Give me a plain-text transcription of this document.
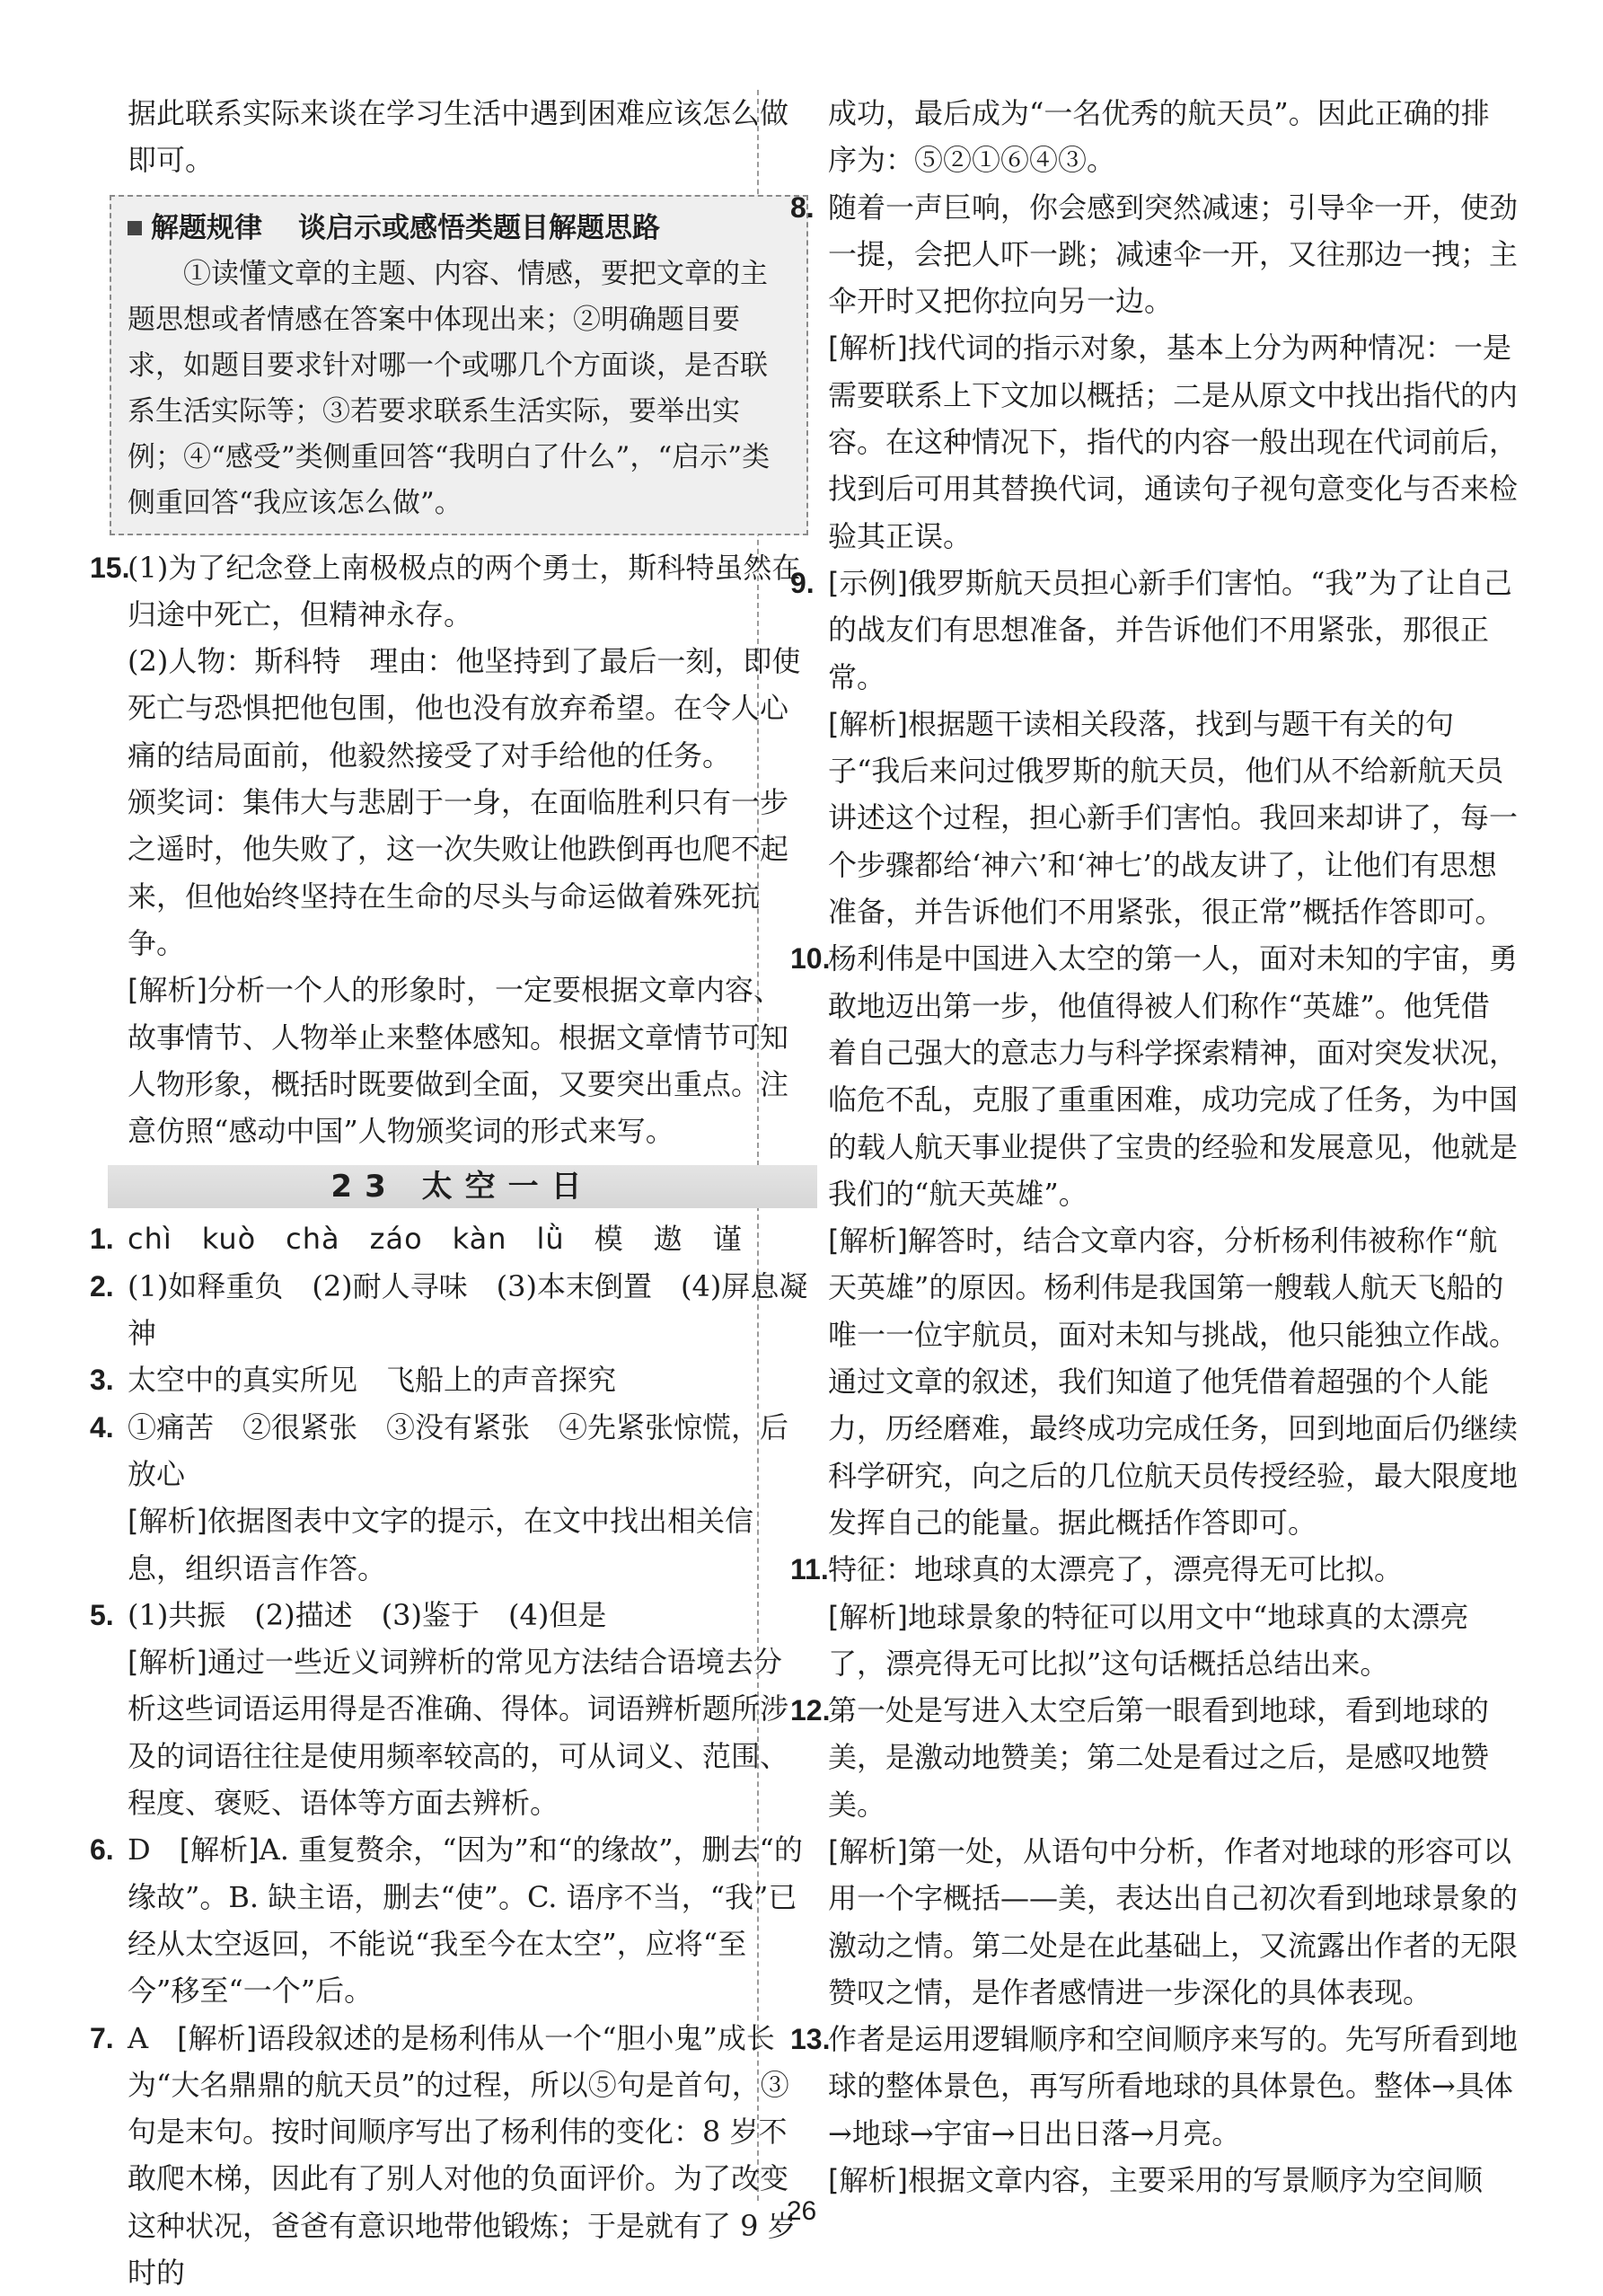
据此联系实际来谈在学习生活中遇到困难应该怎么做即可。

解题规律 谈启示或感悟类题目解题思路

①读懂文章的主题、内容、情感，要把文章的主题思想或者情感在答案中体现出来；②明确题目要求，如题目要求针对哪一个或哪几个方面谈，是否联系生活实际等；③若要求联系生活实际，要举出实例；④“感受”类侧重回答“我明白了什么”，“启示”类侧重回答“我应该怎么做”。

15.

(1)为了纪念登上南极极点的两个勇士，斯科特虽然在归途中死亡，但精神永存。

(2)人物：斯科特　理由：他坚持到了最后一刻，即使死亡与恐惧把他包围，他也没有放弃希望。在令人心痛的结局面前，他毅然接受了对手给他的任务。

颁奖词：集伟大与悲剧于一身，在面临胜利只有一步之遥时，他失败了，这一次失败让他跌倒再也爬不起来，但他始终坚持在生命的尽头与命运做着殊死抗争。

[解析]分析一个人的形象时，一定要根据文章内容、故事情节、人物举止来整体感知。根据文章情节可知人物形象，概括时既要做到全面，又要突出重点。注意仿照“感动中国”人物颁奖词的形式来写。

23 太空一日
1. chì　kuò　chà　záo　kàn　lǜ　模　遨　谨

2. (1)如释重负　(2)耐人寻味　(3)本末倒置　(4)屏息凝神

3. 太空中的真实所见　飞船上的声音探究

4. ①痛苦　②很紧张　③没有紧张　④先紧张惊慌，后放心

[解析]依据图表中文字的提示，在文中找出相关信息，组织语言作答。

5. (1)共振　(2)描述　(3)鉴于　(4)但是

[解析]通过一些近义词辨析的常见方法结合语境去分析这些词语运用得是否准确、得体。词语辨析题所涉及的词语往往是使用频率较高的，可从词义、范围、程度、褒贬、语体等方面去辨析。

6. D　 [解析]A. 重复赘余，“因为”和“的缘故”，删去“的缘故”。B. 缺主语，删去“使”。C. 语序不当，“我”已经从太空返回，不能说“我至今在太空”，应将“至今”移至“一个”后。

7. A　 [解析]语段叙述的是杨利伟从一个“胆小鬼”成长为“大名鼎鼎的航天员”的过程，所以⑤句是首句，③句是末句。按时间顺序写出了杨利伟的变化：8 岁不敢爬木梯，因此有了别人对他的负面评价。为了改变这种状况，爸爸有意识地带他锻炼；于是就有了 9 岁时的

成功，最后成为“一名优秀的航天员”。因此正确的排序为：⑤②①⑥④③。

8. 随着一声巨响，你会感到突然减速；引导伞一开，使劲一提，会把人吓一跳；减速伞一开，又往那边一拽；主伞开时又把你拉向另一边。

[解析]找代词的指示对象，基本上分为两种情况：一是需要联系上下文加以概括；二是从原文中找出指代的内容。在这种情况下，指代的内容一般出现在代词前后，找到后可用其替换代词，通读句子视句意变化与否来检验其正误。

9. [示例]俄罗斯航天员担心新手们害怕。“我”为了让自己的战友们有思想准备，并告诉他们不用紧张，那很正常。

[解析]根据题干读相关段落，找到与题干有关的句子“我后来问过俄罗斯的航天员，他们从不给新航天员讲述这个过程，担心新手们害怕。我回来却讲了，每一个步骤都给‘神六’和‘神七’的战友讲了，让他们有思想准备，并告诉他们不用紧张，很正常”概括作答即可。

10.

杨利伟是中国进入太空的第一人，面对未知的宇宙，勇敢地迈出第一步，他值得被人们称作“英雄”。他凭借着自己强大的意志力与科学探索精神，面对突发状况，临危不乱，克服了重重困难，成功完成了任务，为中国的载人航天事业提供了宝贵的经验和发展意见，他就是我们的“航天英雄”。

[解析]解答时，结合文章内容，分析杨利伟被称作“航天英雄”的原因。杨利伟是我国第一艘载人航天飞船的唯一一位宇航员，面对未知与挑战，他只能独立作战。通过文章的叙述，我们知道了他凭借着超强的个人能力，历经磨难，最终成功完成任务，回到地面后仍继续科学研究，向之后的几位航天员传授经验，最大限度地发挥自己的能量。据此概括作答即可。

11. 特征：地球真的太漂亮了，漂亮得无可比拟。

[解析]地球景象的特征可以用文中“地球真的太漂亮了，漂亮得无可比拟”这句话概括总结出来。

12.

第一处是写进入太空后第一眼看到地球，看到地球的美，是激动地赞美；第二处是看过之后，是感叹地赞美。

[解析]第一处，从语句中分析，作者对地球的形容可以用一个字概括——美，表达出自己初次看到地球景象的激动之情。第二处是在此基础上，又流露出作者的无限赞叹之情，是作者感情进一步深化的具体表现。

13.

作者是运用逻辑顺序和空间顺序来写的。先写所看到地球的整体景色，再写所看地球的具体景色。整体→具体→地球→宇宙→日出日落→月亮。

[解析]根据文章内容，主要采用的写景顺序为空间顺

26
